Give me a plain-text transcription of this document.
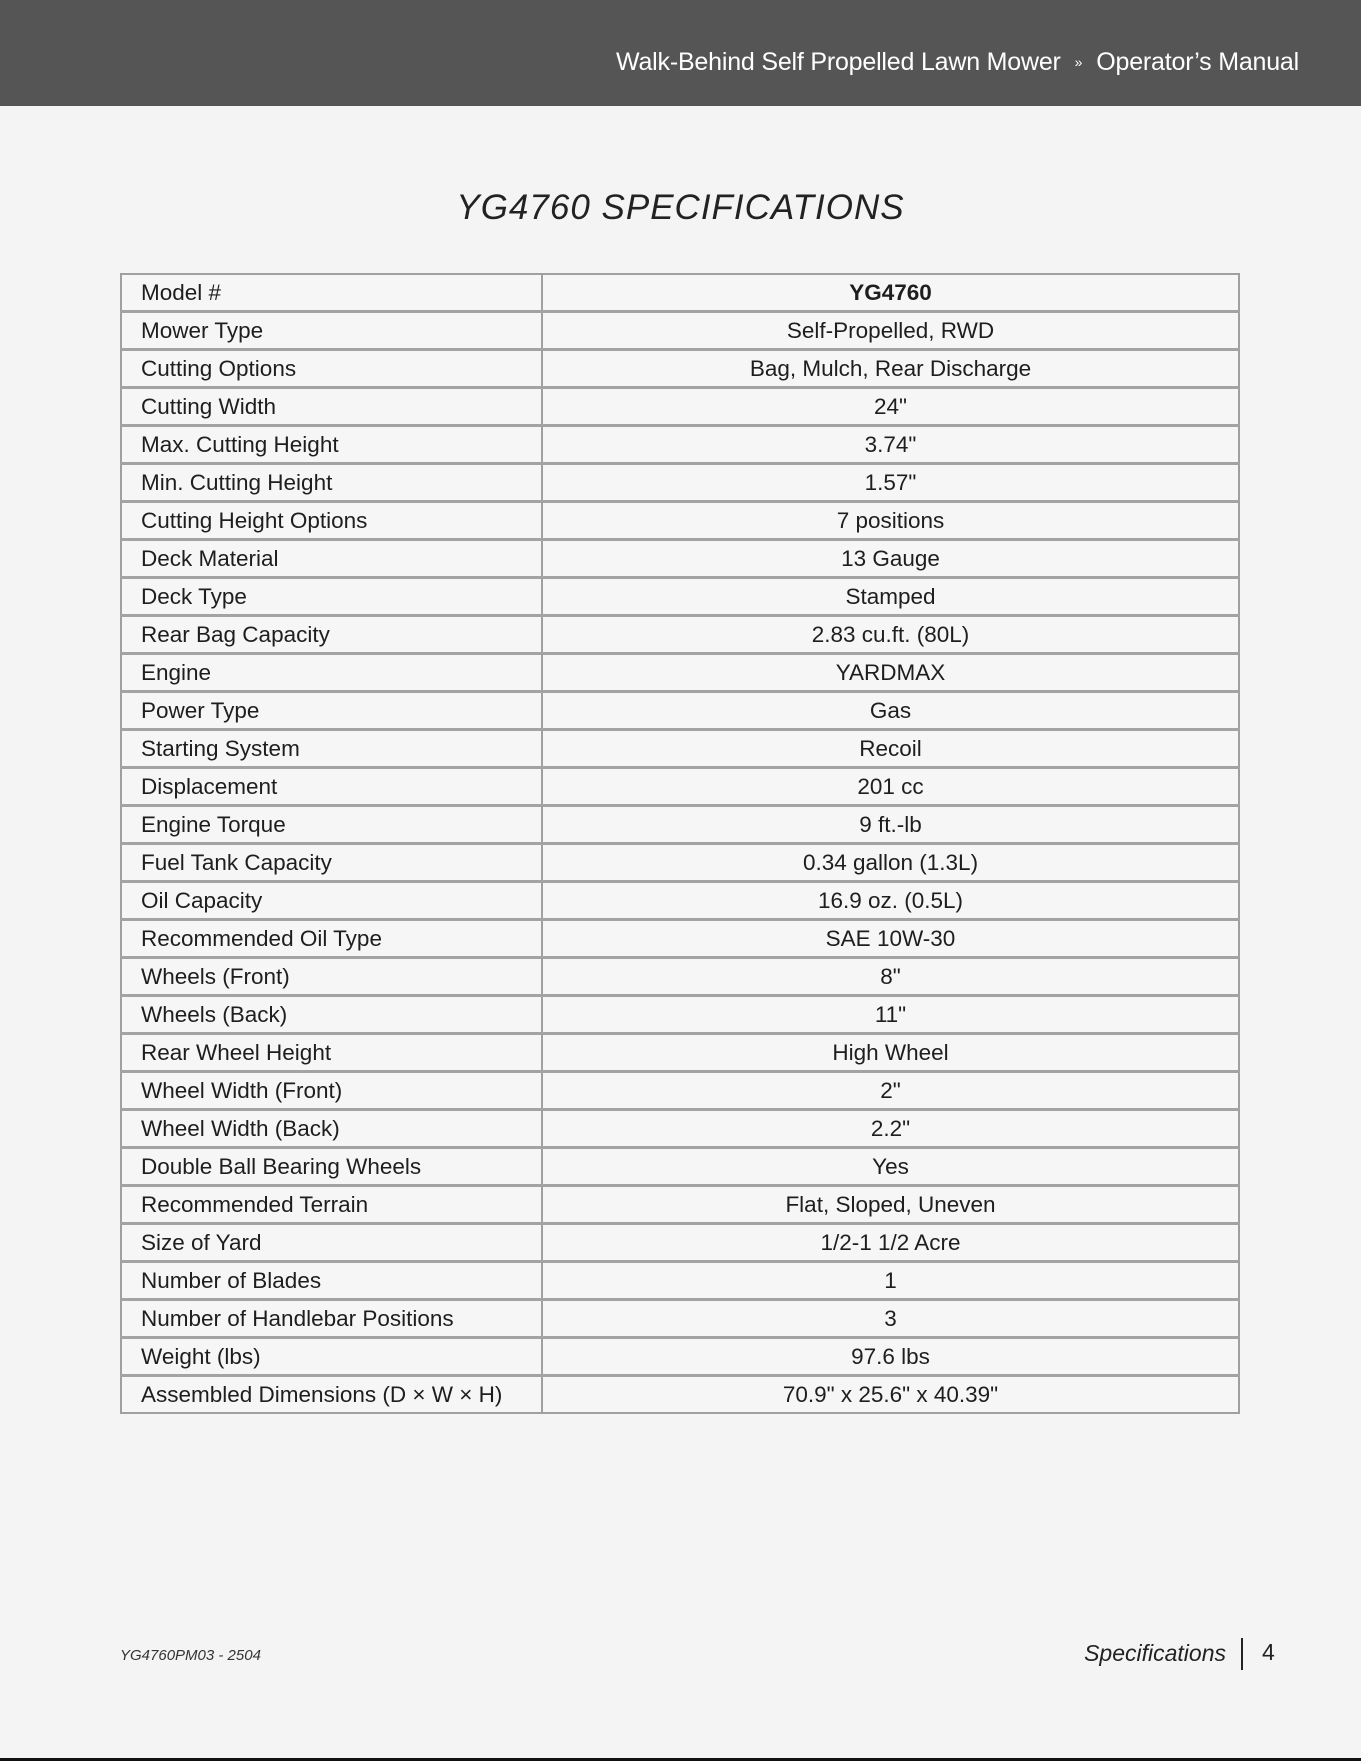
Walk-Behind Self Propelled Lawn Mower » Operator’s Manual
YG4760 SPECIFICATIONS
Model #	YG4760
Mower Type	Self-Propelled, RWD
Cutting Options	Bag, Mulch, Rear Discharge
Cutting Width	24"
Max. Cutting Height	3.74"
Min. Cutting Height	1.57"
Cutting Height Options	7 positions
Deck Material	13 Gauge
Deck Type	Stamped
Rear Bag Capacity	2.83 cu.ft. (80L)
Engine	YARDMAX
Power Type	Gas
Starting System	Recoil
Displacement	201 cc
Engine Torque	9 ft.-lb
Fuel Tank Capacity	0.34 gallon (1.3L)
Oil Capacity	16.9 oz. (0.5L)
Recommended Oil Type	SAE 10W-30
Wheels (Front)	8"
Wheels (Back)	11"
Rear Wheel Height	High Wheel
Wheel Width (Front)	2"
Wheel Width (Back)	2.2"
Double Ball Bearing Wheels	Yes
Recommended Terrain	Flat, Sloped, Uneven
Size of Yard	1/2-1 1/2 Acre
Number of Blades	1
Number of Handlebar Positions	3
Weight (lbs)	97.6 lbs
Assembled Dimensions (D × W × H)	70.9" x 25.6" x 40.39"
YG4760PM03 - 2504	Specifications 4
